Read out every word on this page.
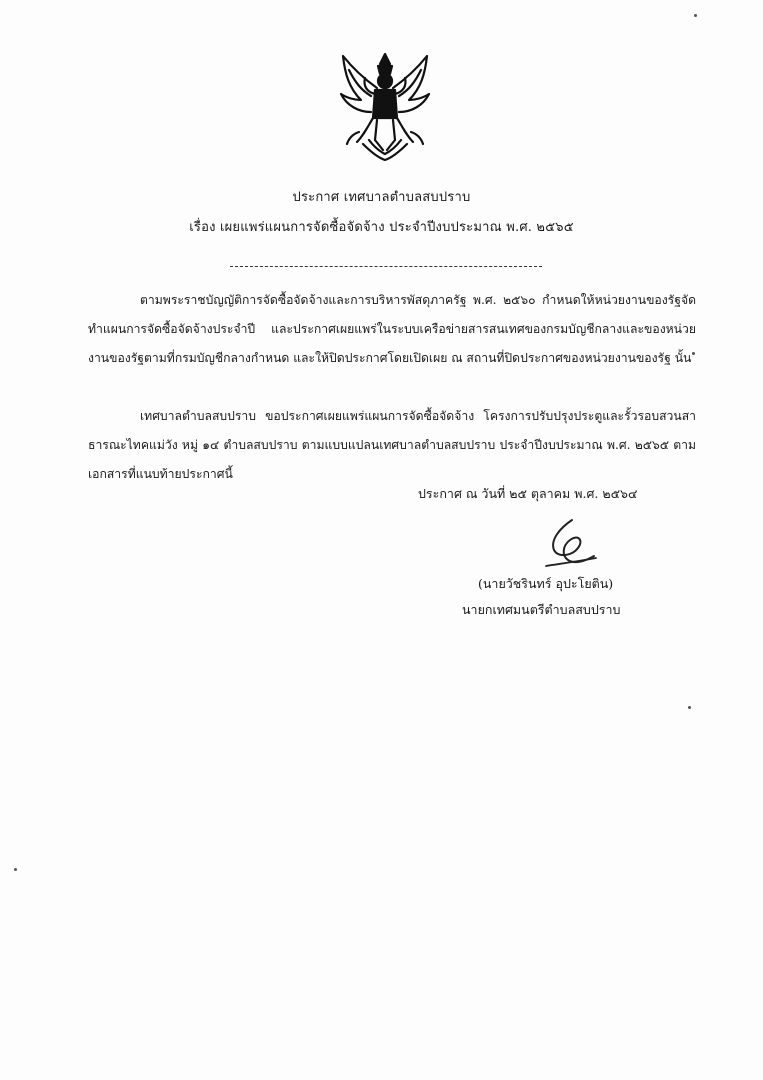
ประกาศ เทศบาลตำบลสบปราบ
เรื่อง เผยแพร่แผนการจัดซื้อจัดจ้าง ประจำปีงบประมาณ พ.ศ. ๒๕๖๕
ตามพระราชบัญญัติการจัดซื้อจัดจ้างและการบริหารพัสดุภาครัฐ พ.ศ. ๒๕๖๐ กำหนดให้หน่วยงานของรัฐจัดทำแผนการจัดซื้อจัดจ้างประจำปี และประกาศเผยแพร่ในระบบเครือข่ายสารสนเทศของกรมบัญชีกลางและของหน่วยงานของรัฐตามที่กรมบัญชีกลางกำหนด และให้ปิดประกาศโดยเปิดเผย ณ สถานที่ปิดประกาศของหน่วยงานของรัฐ นั้น
เทศบาลตำบลสบปราบ ขอประกาศเผยแพร่แผนการจัดซื้อจัดจ้าง โครงการปรับปรุงประตูและรั้วรอบสวนสาธารณะไทคแม่วัง หมู่ ๑๔ ตำบลสบปราบ ตามแบบแปลนเทศบาลตำบลสบปราบ ประจำปีงบประมาณ พ.ศ. ๒๕๖๕ ตามเอกสารที่แนบท้ายประกาศนี้
ประกาศ ณ วันที่ ๒๕ ตุลาคม พ.ศ. ๒๕๖๔
(นายวัชรินทร์ อุปะโยติน)
นายกเทศมนตรีตำบลสบปราบ
